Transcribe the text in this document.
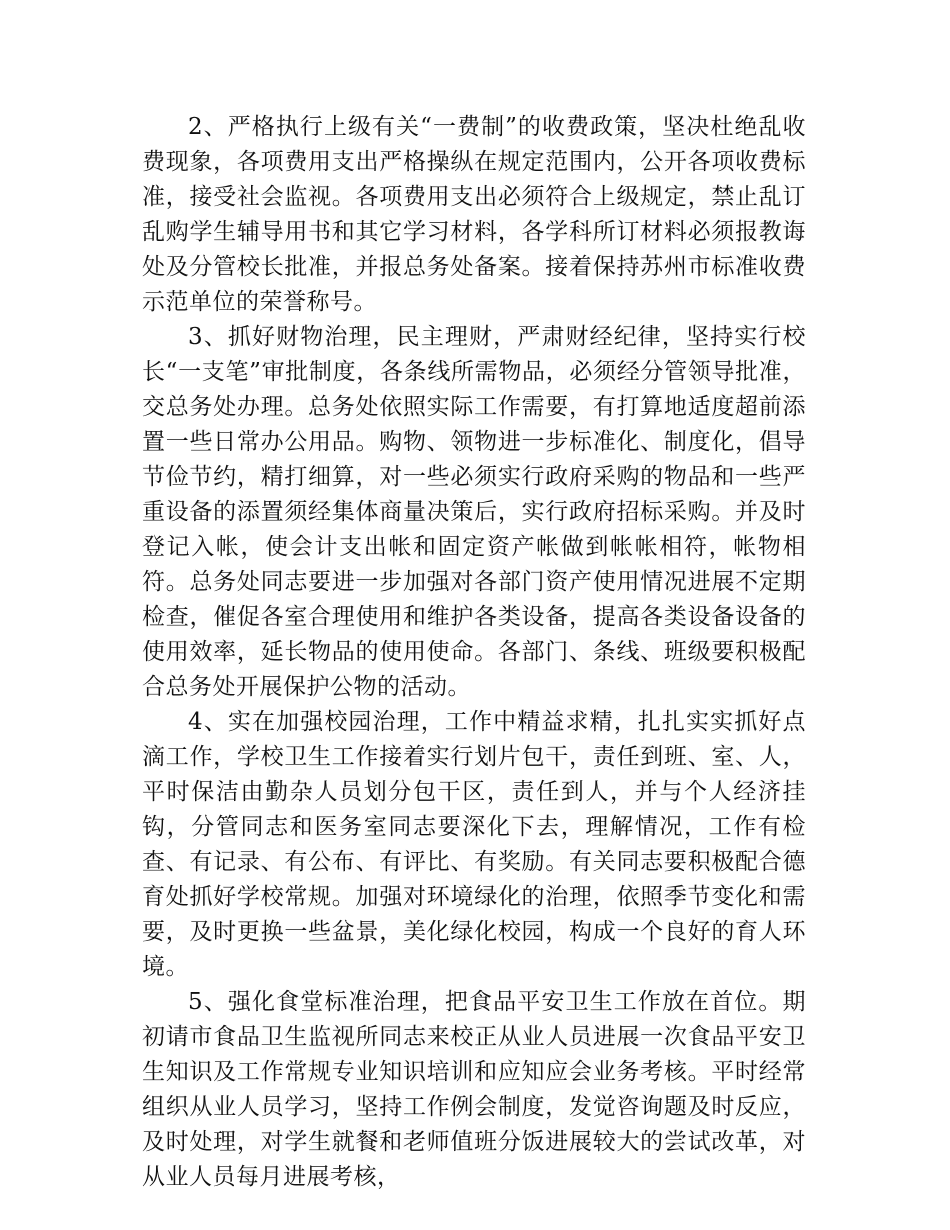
2、严格执行上级有关“一费制”的收费政策，坚决杜绝乱收费现象，各项费用支出严格操纵在规定范围内，公开各项收费标准，接受社会监视。各项费用支出必须符合上级规定，禁止乱订乱购学生辅导用书和其它学习材料，各学科所订材料必须报教诲处及分管校长批准，并报总务处备案。接着保持苏州市标准收费示范单位的荣誉称号。

3、抓好财物治理，民主理财，严肃财经纪律，坚持实行校长“一支笔”审批制度，各条线所需物品，必须经分管领导批准，交总务处办理。总务处依照实际工作需要，有打算地适度超前添置一些日常办公用品。购物、领物进一步标准化、制度化，倡导节俭节约，精打细算，对一些必须实行政府采购的物品和一些严重设备的添置须经集体商量决策后，实行政府招标采购。并及时登记入帐，使会计支出帐和固定资产帐做到帐帐相符，帐物相符。总务处同志要进一步加强对各部门资产使用情况进展不定期检查，催促各室合理使用和维护各类设备，提高各类设备设备的使用效率，延长物品的使用使命。各部门、条线、班级要积极配合总务处开展保护公物的活动。

4、实在加强校园治理，工作中精益求精，扎扎实实抓好点滴工作，学校卫生工作接着实行划片包干，责任到班、室、人，平时保洁由勤杂人员划分包干区，责任到人，并与个人经济挂钩，分管同志和医务室同志要深化下去，理解情况，工作有检查、有记录、有公布、有评比、有奖励。有关同志要积极配合德育处抓好学校常规。加强对环境绿化的治理，依照季节变化和需要，及时更换一些盆景，美化绿化校园，构成一个良好的育人环境。

5、强化食堂标准治理，把食品平安卫生工作放在首位。期初请市食品卫生监视所同志来校正从业人员进展一次食品平安卫生知识及工作常规专业知识培训和应知应会业务考核。平时经常组织从业人员学习，坚持工作例会制度，发觉咨询题及时反应，及时处理，对学生就餐和老师值班分饭进展较大的尝试改革，对从业人员每月进展考核，
